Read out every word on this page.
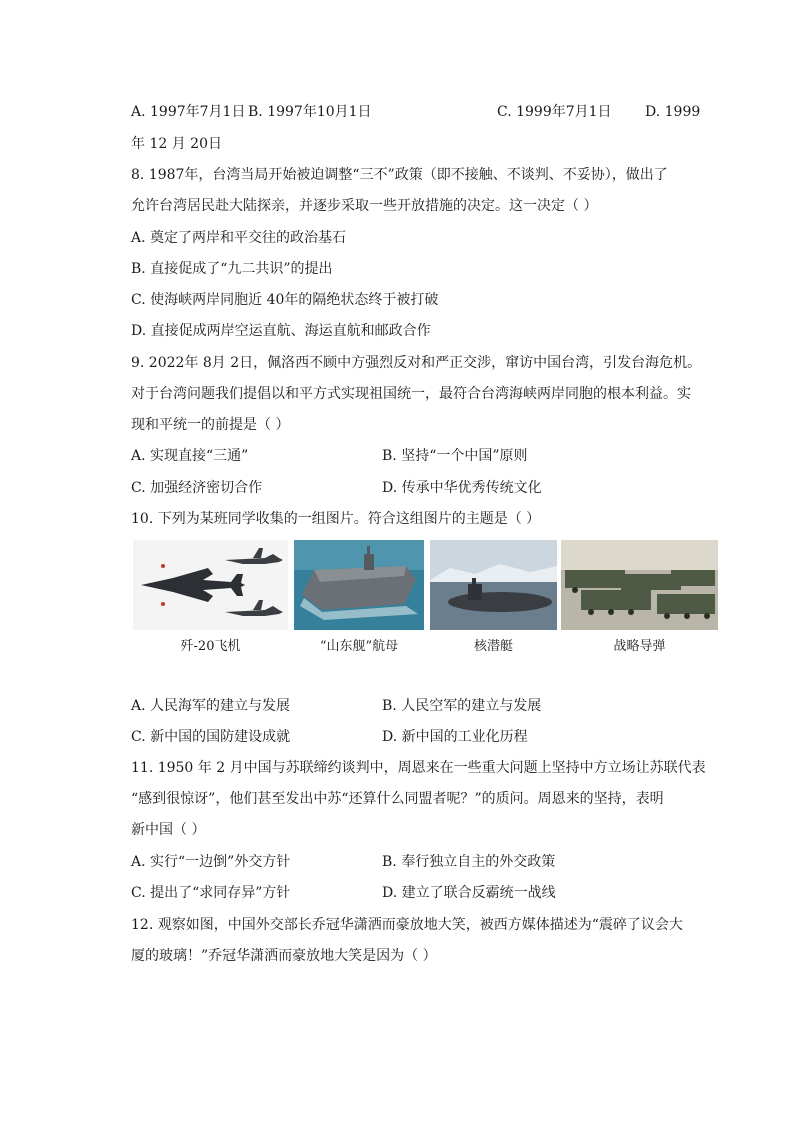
A. 1997年7月1日 B. 1997年10月1日	C. 1999年7月1日 D. 1999
年 12 月 20日
8. 1987年，台湾当局开始被迫调整“三不”政策（即不接触、不谈判、不妥协），做出了
允许台湾居民赴大陆探亲，并逐步采取一些开放措施的决定。这一决定（ ）
A. 奠定了两岸和平交往的政治基石
B. 直接促成了“九二共识”的提出
C. 使海峡两岸同胞近 40年的隔绝状态终于被打破
D. 直接促成两岸空运直航、海运直航和邮政合作
9. 2022年 8月 2日，佩洛西不顾中方强烈反对和严正交涉，窜访中国台湾，引发台海危机。
对于台湾问题我们提倡以和平方式实现祖国统一，最符合台湾海峡两岸同胞的根本利益。实
现和平统一的前提是（ ）
A. 实现直接“三通”	B. 坚持“一个中国”原则
C. 加强经济密切合作	D. 传承中华优秀传统文化
10. 下列为某班同学收集的一组图片。符合这组图片的主题是（ ）
歼-20飞机	“山东舰”航母	核潜艇	战略导弹
A. 人民海军的建立与发展	B. 人民空军的建立与发展
C. 新中国的国防建设成就	D. 新中国的工业化历程
11. 1950 年 2 月中国与苏联缔约谈判中，周恩来在一些重大问题上坚持中方立场让苏联代表
“感到很惊讶”，他们甚至发出中苏“还算什么同盟者呢？”的质问。周恩来的坚持，表明
新中国（ ）
A. 实行“一边倒”外交方针	B. 奉行独立自主的外交政策
C. 提出了“求同存异”方针	D. 建立了联合反霸统一战线
12. 观察如图，中国外交部长乔冠华潇洒而豪放地大笑，被西方媒体描述为“震碎了议会大
厦的玻璃！”乔冠华潇洒而豪放地大笑是因为（ ）
